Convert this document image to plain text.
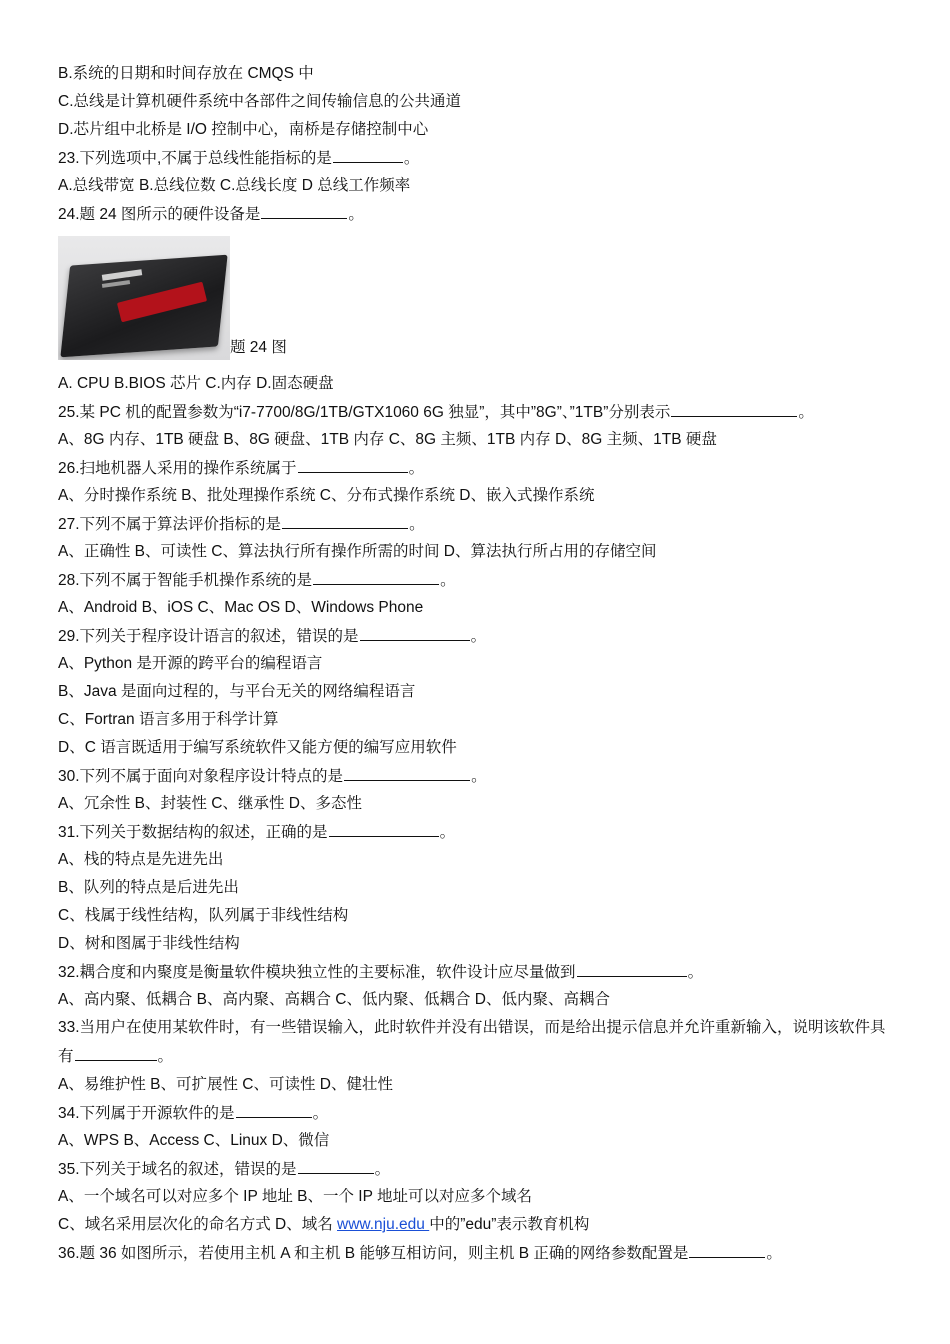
B.系统的日期和时间存放在 CMQS 中
C.总线是计算机硬件系统中各部件之间传输信息的公共通道
D.芯片组中北桥是 I/O 控制中心，南桥是存储控制中心
23.下列选项中,不属于总线性能指标的是	。
A.总线带宽 B.总线位数 C.总线长度 D 总线工作频率
24.题 24 图所示的硬件设备是	。
题 24 图
A. CPU B.BIOS 芯片 C.内存 D.固态硬盘
25.某 PC 机的配置参数为“i7-7700/8G/1TB/GTX1060 6G 独显”，其中”8G”、”1TB”分别表示	。
A、8G 内存、1TB 硬盘 B、8G 硬盘、1TB 内存 C、8G 主频、1TB 内存 D、8G 主频、1TB 硬盘
26.扫地机器人采用的操作系统属于	。
A、分时操作系统 B、批处理操作系统 C、分布式操作系统 D、嵌入式操作系统
27.下列不属于算法评价指标的是	。
A、正确性 B、可读性 C、算法执行所有操作所需的时间 D、算法执行所占用的存储空间
28.下列不属于智能手机操作系统的是	。
A、Android B、iOS C、Mac OS D、Windows Phone
29.下列关于程序设计语言的叙述，错误的是	。
A、Python 是开源的跨平台的编程语言
B、Java 是面向过程的，与平台无关的网络编程语言
C、Fortran 语言多用于科学计算
D、C 语言既适用于编写系统软件又能方便的编写应用软件
30.下列不属于面向对象程序设计特点的是	。
A、冗余性 B、封装性 C、继承性 D、多态性
31.下列关于数据结构的叙述，正确的是	。
A、栈的特点是先进先出
B、队列的特点是后进先出
C、栈属于线性结构，队列属于非线性结构
D、树和图属于非线性结构
32.耦合度和内聚度是衡量软件模块独立性的主要标准，软件设计应尽量做到	。
A、高内聚、低耦合 B、高内聚、高耦合 C、低内聚、低耦合 D、低内聚、高耦合
33.当用户在使用某软件时，有一些错误输入，此时软件并没有出错误，而是给出提示信息并允许重新输入，说明该软件具有	。
A、易维护性 B、可扩展性 C、可读性 D、健壮性
34.下列属于开源软件的是	。
A、WPS B、Access C、Linux D、微信
35.下列关于域名的叙述，错误的是	。
A、一个域名可以对应多个 IP 地址 B、一个 IP 地址可以对应多个域名
C、域名采用层次化的命名方式 D、域名 www.nju.edu 中的”edu”表示教育机构
36.题 36 如图所示，若使用主机 A 和主机 B 能够互相访问，则主机 B 正确的网络参数配置是	。
